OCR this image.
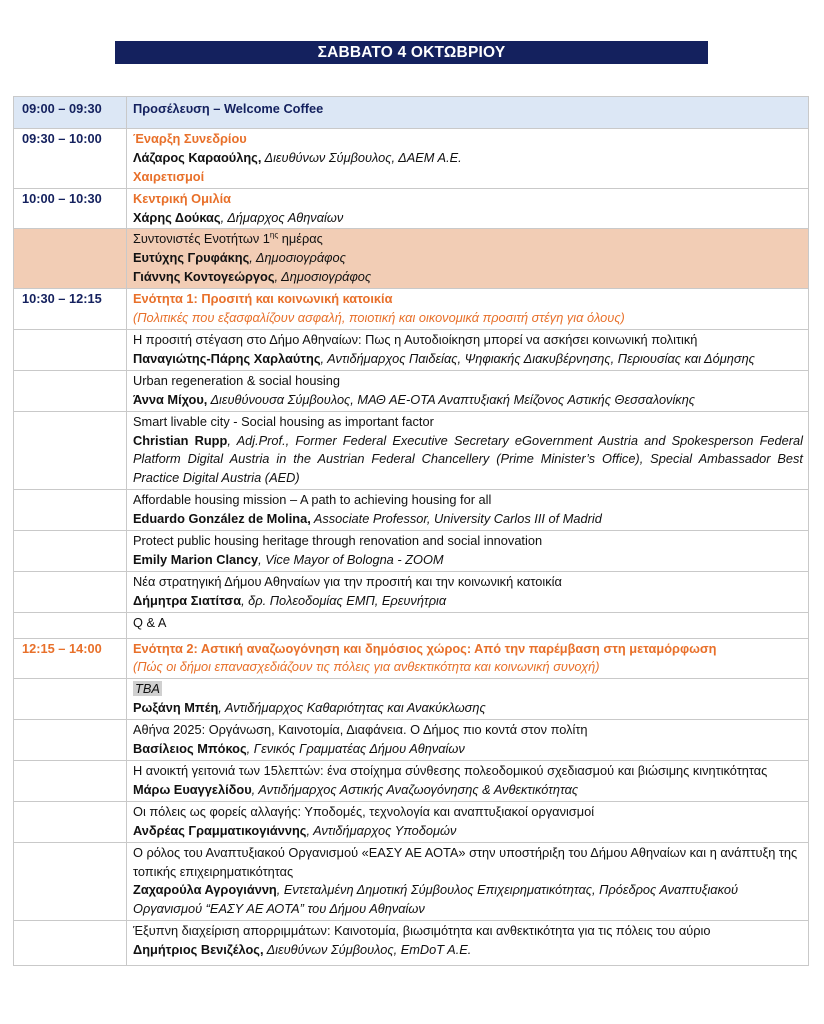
ΣΑΒΒΑΤΟ 4 ΟΚΤΩΒΡΙΟΥ
09:00 – 09:30	Προσέλευση – Welcome Coffee
09:30 – 10:00	Έναρξη Συνεδρίου
Λάζαρος Καραούλης, Διευθύνων Σύμβουλος, ΔΑΕΜ Α.Ε.
Χαιρετισμοί

10:00 – 10:30	Κεντρική Ομιλία
Χάρης Δούκας, Δήμαρχος Αθηναίων

	Συντονιστές Ενοτήτων $1^{\eta\varsigma}$ ημέρας
Ευτύχης Γρυφάκης, Δημοσιογράφος
Γιάννης Κοντογεώργος, Δημοσιογράφος

10:30 – 12:15	Ενότητα 1: Προσιτή και κοινωνική κατοικία
(Πολιτικές που εξασφαλίζουν ασφαλή, ποιοτική και οικονομικά προσιτή στέγη για όλους)

	Η προσιτή στέγαση στο Δήμο Αθηναίων: Πως η Αυτοδιοίκηση μπορεί να ασκήσει κοινωνική πολιτική
Παναγιώτης-Πάρης Χαρλαύτης, Αντιδήμαρχος Παιδείας, Ψηφιακής Διακυβέρνησης, Περιουσίας και Δόμησης

	Urban regeneration & social housing
Άννα Μίχου, Διευθύνουσα Σύμβουλος, ΜΑΘ ΑΕ-ΟΤΑ Αναπτυξιακή Μείζονος Αστικής Θεσσαλονίκης

	Smart livable city - Social housing as important factor
Christian Rupp, Adj.Prof., Former Federal Executive Secretary eGovernment Austria and Spokesperson Federal Platform Digital Austria in the Austrian Federal Chancellery (Prime Minister’s Office), Special Ambassador Best Practice Digital Austria (AED)

	Affordable housing mission – A path to achieving housing for all
Eduardo González de Molina, Associate Professor, University Carlos III of Madrid

	Protect public housing heritage through renovation and social innovation
Emily Marion Clancy, Vice Mayor of Bologna - ZOOM

	Νέα στρατηγική Δήμου Αθηναίων για την προσιτή και την κοινωνική κατοικία
Δήμητρα Σιατίτσα, δρ. Πολεοδομίας ΕΜΠ, Ερευνήτρια

	Q & A

12:15 – 14:00	Ενότητα 2: Αστική αναζωογόνηση και δημόσιος χώρος: Από την παρέμβαση στη μεταμόρφωση
(Πώς οι δήμοι επανασχεδιάζουν τις πόλεις για ανθεκτικότητα και κοινωνική συνοχή)

	TBA
Ρωξάνη Μπέη, Αντιδήμαρχος Καθαριότητας και Ανακύκλωσης

	Αθήνα 2025: Οργάνωση, Καινοτομία, Διαφάνεια. Ο Δήμος πιο κοντά στον πολίτη
Βασίλειος Μπόκος, Γενικός Γραμματέας Δήμου Αθηναίων

	Η ανοικτή γειτονιά των 15λεπτών: ένα στοίχημα σύνθεσης πολεοδομικού σχεδιασμού και βιώσιμης κινητικότητας
Μάρω Ευαγγελίδου, Αντιδήμαρχος Αστικής Αναζωογόνησης & Ανθεκτικότητας

	Οι πόλεις ως φορείς αλλαγής: Υποδομές, τεχνολογία και αναπτυξιακοί οργανισμοί
Ανδρέας Γραμματικογιάννης, Αντιδήμαρχος Υποδομών

	Ο ρόλος του Αναπτυξιακού Οργανισμού «ΕΑΣΥ ΑΕ ΑΟΤΑ» στην υποστήριξη του Δήμου Αθηναίων και η ανάπτυξη της τοπικής επιχειρηματικότητας
Ζαχαρούλα Αγρογιάννη, Εντεταλμένη Δημοτική Σύμβουλος Επιχειρηματικότητας, Πρόεδρος Αναπτυξιακού Οργανισμού “ΕΑΣΥ ΑΕ ΑΟΤΑ” του Δήμου Αθηναίων

	Έξυπνη διαχείριση απορριμμάτων: Καινοτομία, βιωσιμότητα και ανθεκτικότητα για τις πόλεις του αύριο
Δημήτριος Βενιζέλος, Διευθύνων Σύμβουλος, EmDoT A.E.
